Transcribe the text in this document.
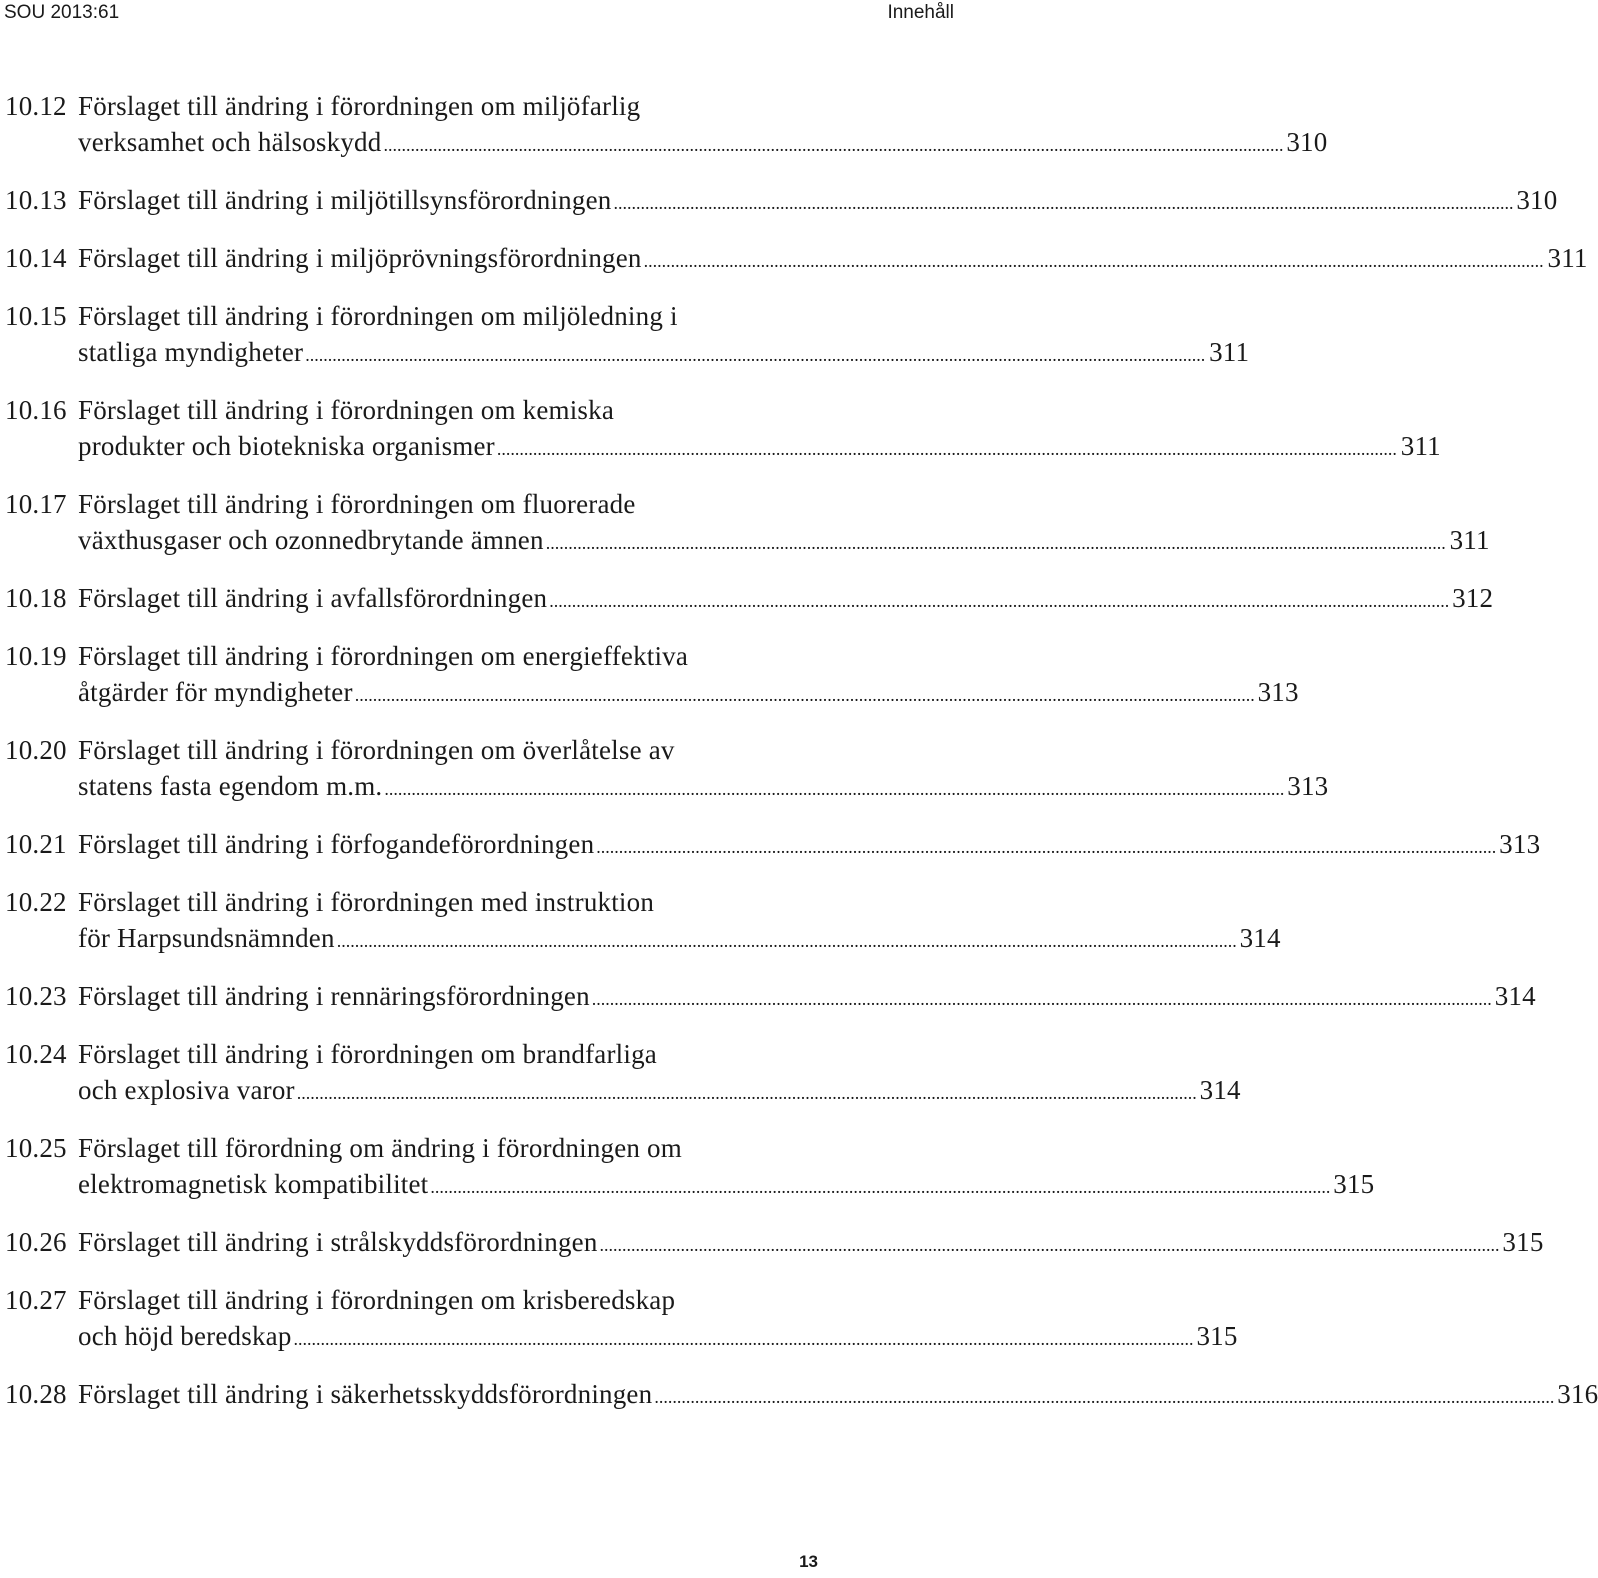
SOU 2013:61	Innehåll
10.12 Förslaget till ändring i förordningen om miljöfarlig
verksamhet och hälsoskydd ........................................................................................................................................................................................................ 310
10.13 Förslaget till ändring i miljötillsynsförordningen ........................................................................................................................................................................................................ 310
10.14 Förslaget till ändring i miljöprövningsförordningen ........................................................................................................................................................................................................ 311
10.15 Förslaget till ändring i förordningen om miljöledning i
statliga myndigheter ........................................................................................................................................................................................................ 311
10.16 Förslaget till ändring i förordningen om kemiska
produkter och biotekniska organismer ........................................................................................................................................................................................................ 311
10.17 Förslaget till ändring i förordningen om fluorerade
växthusgaser och ozonnedbrytande ämnen ........................................................................................................................................................................................................ 311
10.18 Förslaget till ändring i avfallsförordningen ........................................................................................................................................................................................................ 312
10.19 Förslaget till ändring i förordningen om energieffektiva
åtgärder för myndigheter ........................................................................................................................................................................................................ 313
10.20 Förslaget till ändring i förordningen om överlåtelse av
statens fasta egendom m.m. ........................................................................................................................................................................................................ 313
10.21 Förslaget till ändring i förfogandeförordningen ........................................................................................................................................................................................................ 313
10.22 Förslaget till ändring i förordningen med instruktion
för Harpsundsnämnden ........................................................................................................................................................................................................ 314
10.23 Förslaget till ändring i rennäringsförordningen ........................................................................................................................................................................................................ 314
10.24 Förslaget till ändring i förordningen om brandfarliga
och explosiva varor ........................................................................................................................................................................................................ 314
10.25 Förslaget till förordning om ändring i förordningen om
elektromagnetisk kompatibilitet ........................................................................................................................................................................................................ 315
10.26 Förslaget till ändring i strålskyddsförordningen ........................................................................................................................................................................................................ 315
10.27 Förslaget till ändring i förordningen om krisberedskap
och höjd beredskap ........................................................................................................................................................................................................ 315
10.28 Förslaget till ändring i säkerhetsskyddsförordningen ........................................................................................................................................................................................................ 316
13
